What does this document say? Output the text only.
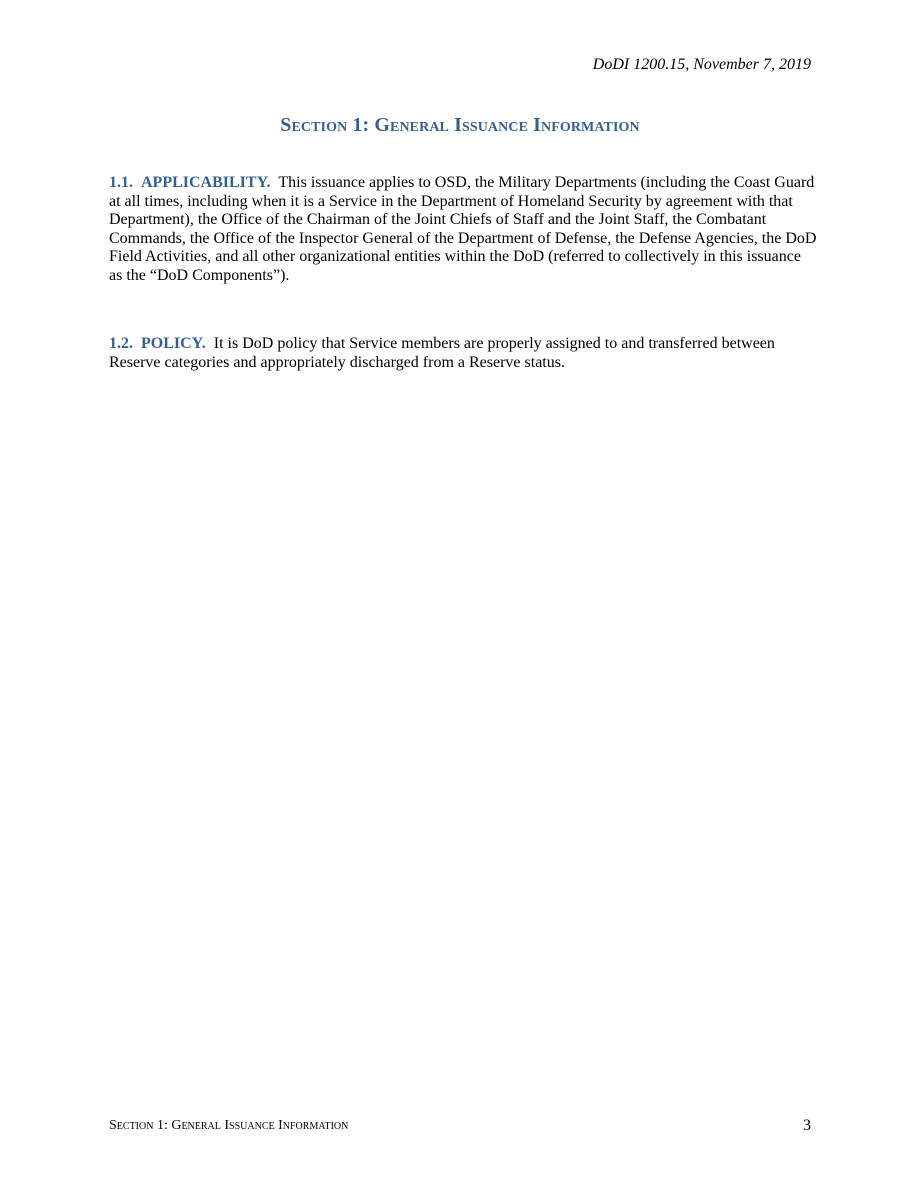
DoDI 1200.15, November 7, 2019
Section 1: General Issuance Information
1.1. APPLICABILITY. This issuance applies to OSD, the Military Departments (including the Coast Guard at all times, including when it is a Service in the Department of Homeland Security by agreement with that Department), the Office of the Chairman of the Joint Chiefs of Staff and the Joint Staff, the Combatant Commands, the Office of the Inspector General of the Department of Defense, the Defense Agencies, the DoD Field Activities, and all other organizational entities within the DoD (referred to collectively in this issuance as the “DoD Components”).
1.2. POLICY. It is DoD policy that Service members are properly assigned to and transferred between Reserve categories and appropriately discharged from a Reserve status.
Section 1: General Issuance Information	3
